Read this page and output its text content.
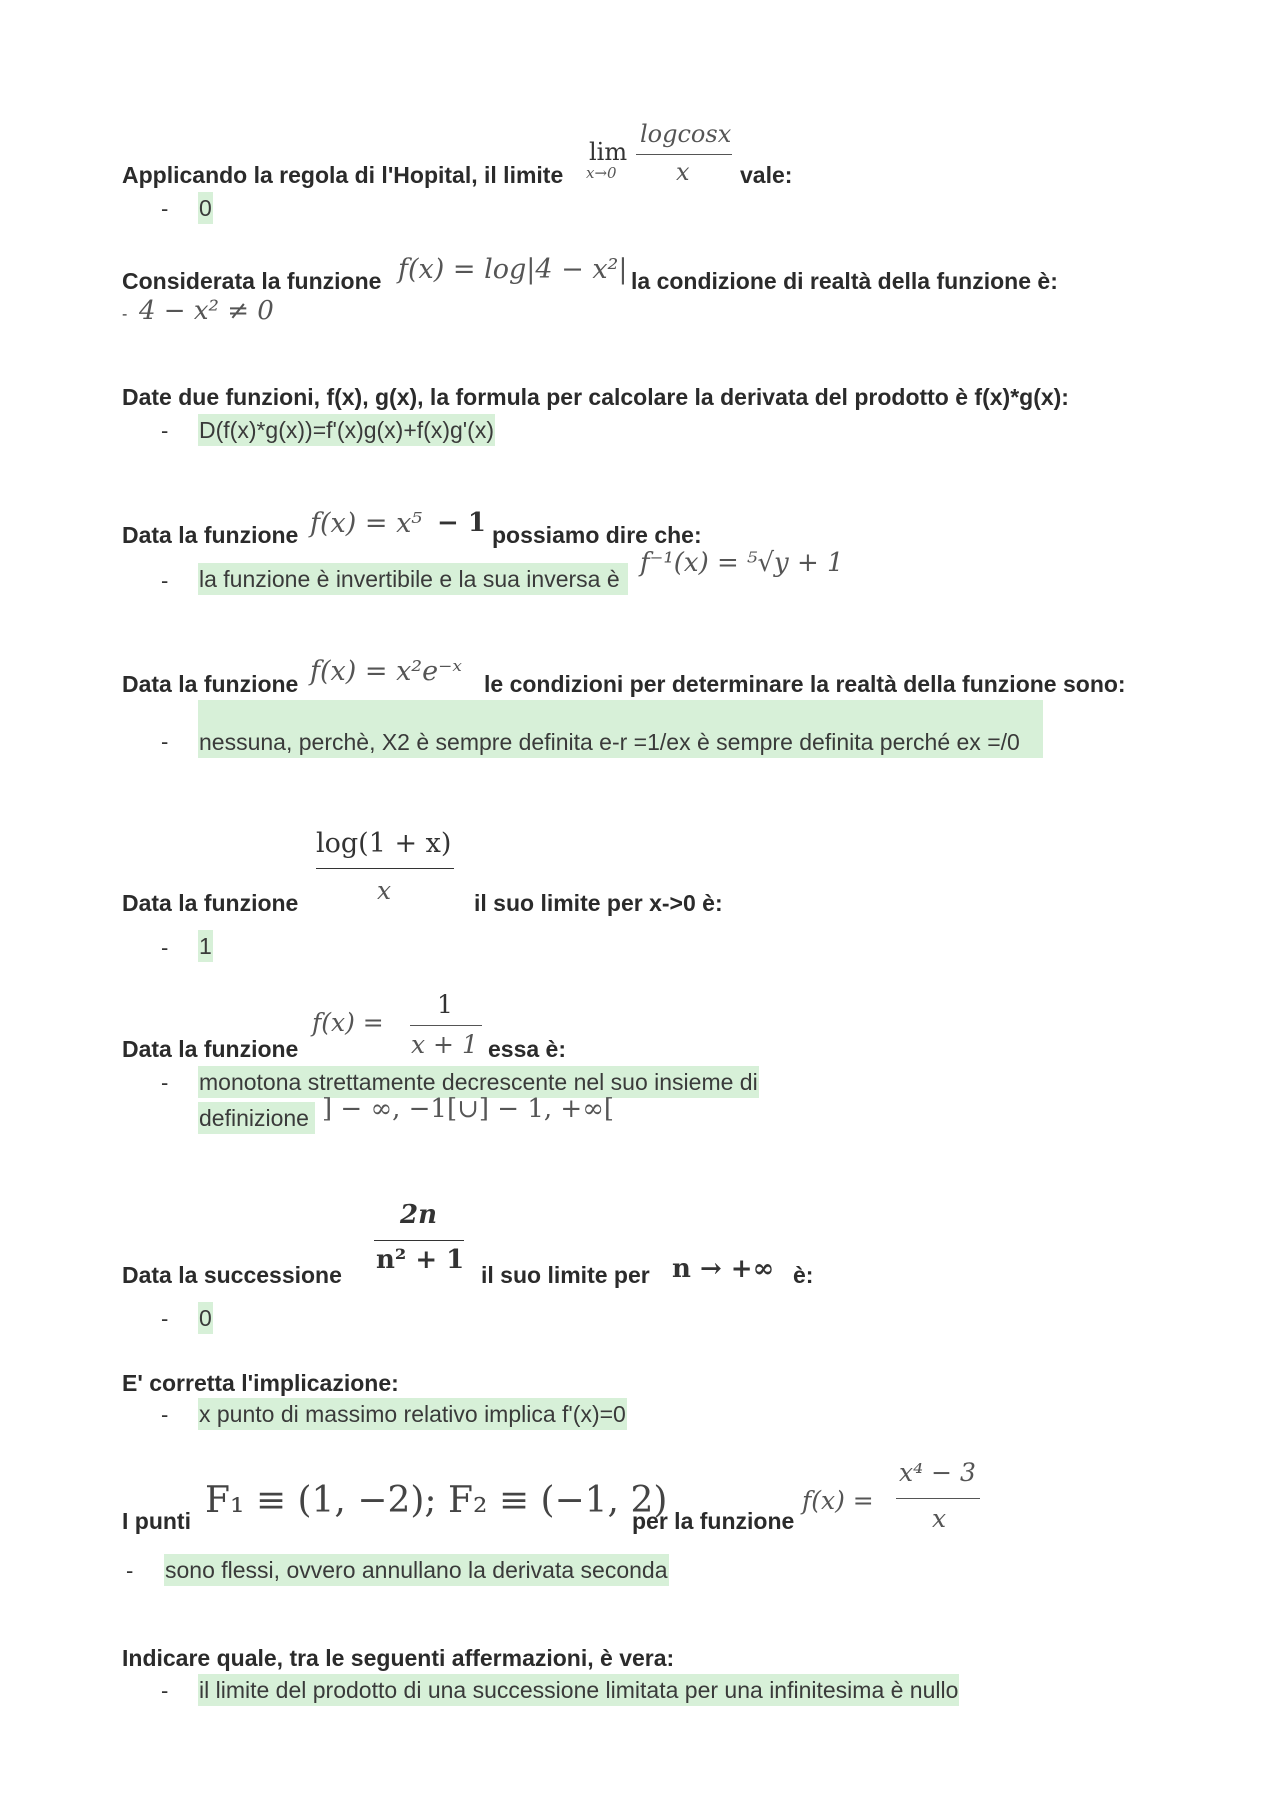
Applicando la regola di l'Hopital, il limite
lim
x→0
logcosx
x vale:
- 0
Considerata la funzione f(x) = log|4 − x²| la condizione di realtà della funzione è:
- 4 − x² ≠ 0
Date due funzioni, f(x), g(x), la formula per calcolare la derivata del prodotto è f(x)*g(x):
- D(f(x)*g(x))=f'(x)g(x)+f(x)g'(x)
Data la funzione f(x) = x⁵ − 1 possiamo dire che:
- la funzione è invertibile e la sua inversa è
f⁻¹(x) = ⁵√y + 1
Data la funzione f(x) = x²e⁻ˣ le condizioni per determinare la realtà della funzione sono:
- nessuna, perchè, X2 è sempre definita e-r =1/ex è sempre definita perché ex =/0
Data la funzione
log(1 + x)
x	il suo limite per x->0 è:
- 1
Data la funzione
f(x) =
1
x + 1 essa è:
- monotona strettamente decrescente nel suo insieme di
definizione ] − ∞, −1[∪] − 1, +∞[
Data la successione
2n
n² + 1 il suo limite per n → +∞ è:
- 0
E' corretta l'implicazione:
- x punto di massimo relativo implica f'(x)=0
I punti F₁ ≡ (1, −2); F₂ ≡ (−1, 2)
per la funzione
f(x) =
x⁴ − 3
x
- sono flessi, ovvero annullano la derivata seconda
Indicare quale, tra le seguenti affermazioni, è vera:
- il limite del prodotto di una successione limitata per una infinitesima è nullo
